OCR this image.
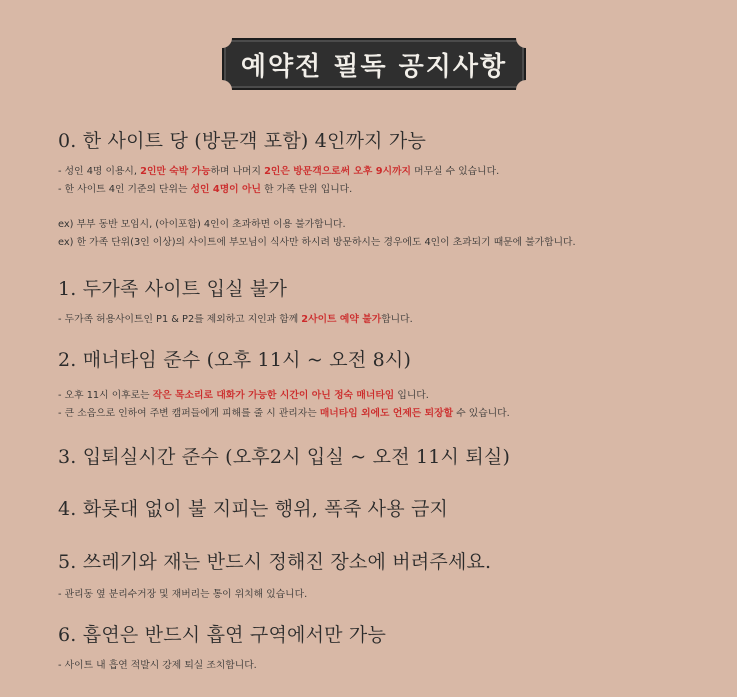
예약전 필독 공지사항
0. 한 사이트 당 (방문객 포함) 4인까지 가능
- 성인 4명 이용시, 2인만 숙박 가능하며 나머지 2인은 방문객으로써 오후 9시까지 머무실 수 있습니다.
- 한 사이트 4인 기준의 단위는 성인 4명이 아닌 한 가족 단위 입니다.
ex) 부부 동반 모임시, (아이포함) 4인이 초과하면 이용 불가합니다.
ex) 한 가족 단위(3인 이상)의 사이트에 부모님이 식사만 하시려 방문하시는 경우에도 4인이 초과되기 때문에 불가합니다.
1. 두가족 사이트 입실 불가
- 두가족 허용사이트인 P1 & P2를 제외하고 지인과 함께 2사이트 예약 불가합니다.
2. 매너타임 준수 (오후 11시 ~ 오전 8시)
- 오후 11시 이후로는 작은 목소리로 대화가 가능한 시간이 아닌 정숙 매너타임 입니다.
- 큰 소음으로 인하여 주변 캠퍼들에게 피해를 줄 시 관리자는 매너타임 외에도 언제든 퇴장할 수 있습니다.
3. 입퇴실시간 준수 (오후2시 입실 ~ 오전 11시 퇴실)
4. 화롯대 없이 불 지피는 행위, 폭죽 사용 금지
5. 쓰레기와 재는 반드시 정해진 장소에 버려주세요.
- 관리동 옆 분리수거장 및 재버리는 통이 위치해 있습니다.
6. 흡연은 반드시 흡연 구역에서만 가능
- 사이트 내 흡연 적발시 강제 퇴실 조치합니다.
